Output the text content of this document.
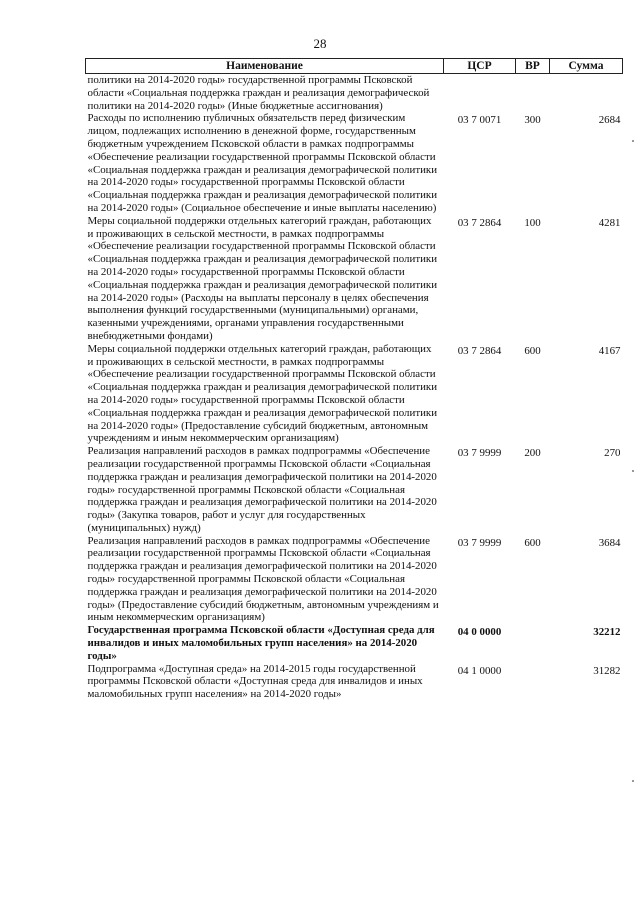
28
Наименование	ЦСР	ВР	Сумма
политики на 2014-2020 годы» государственной программы Псковской области «Социальная поддержка граждан и реализация демографической политики на 2014-2020 годы» (Иные бюджетные ассигнования)			
Расходы по исполнению публичных обязательств перед физическим лицом, подлежащих исполнению в денежной форме, государственным бюджетным учреждением Псковской области в рамках подпрограммы «Обеспечение реализации государственной программы Псковской области «Социальная поддержка граждан и реализация демографической политики на 2014-2020 годы» государственной программы Псковской области «Социальная поддержка граждан и реализация демографической политики на 2014-2020 годы» (Социальное обеспечение и иные выплаты населению)	03 7 0071	300	2684
Меры социальной поддержки отдельных категорий граждан, работающих и проживающих в сельской местности, в рамках подпрограммы «Обеспечение реализации государственной программы Псковской области «Социальная поддержка граждан и реализация демографической политики на 2014-2020 годы» государственной программы Псковской области «Социальная поддержка граждан и реализация демографической политики на 2014-2020 годы» (Расходы на выплаты персоналу в целях обеспечения выполнения функций государственными (муниципальными) органами, казенными учреждениями, органами управления государственными внебюджетными фондами)	03 7 2864	100	4281
Меры социальной поддержки отдельных категорий граждан, работающих и проживающих в сельской местности, в рамках подпрограммы «Обеспечение реализации государственной программы Псковской области «Социальная поддержка граждан и реализация демографической политики на 2014-2020 годы» государственной программы Псковской области «Социальная поддержка граждан и реализация демографической политики на 2014-2020 годы» (Предоставление субсидий бюджетным, автономным учреждениям и иным некоммерческим организациям)	03 7 2864	600	4167
Реализация направлений расходов в рамках подпрограммы «Обеспечение реализации государственной программы Псковской области «Социальная поддержка граждан и реализация демографической политики на 2014-2020 годы» государственной программы Псковской области «Социальная поддержка граждан и реализация демографической политики на 2014-2020 годы» (Закупка товаров, работ и услуг для государственных (муниципальных) нужд)	03 7 9999	200	270
Реализация направлений расходов в рамках подпрограммы «Обеспечение реализации государственной программы Псковской области «Социальная поддержка граждан и реализация демографической политики на 2014-2020 годы» государственной программы Псковской области «Социальная поддержка граждан и реализация демографической политики на 2014-2020 годы» (Предоставление субсидий бюджетным, автономным учреждениям и иным некоммерческим организациям)	03 7 9999	600	3684
Государственная программа Псковской области «Доступная среда для инвалидов и иных маломобильных групп населения» на 2014-2020 годы»	04 0 0000		32212
Подпрограмма «Доступная среда» на 2014-2015 годы государственной программы Псковской области «Доступная среда для инвалидов и иных маломобильных групп населения» на 2014-2020 годы»	04 1 0000		31282
